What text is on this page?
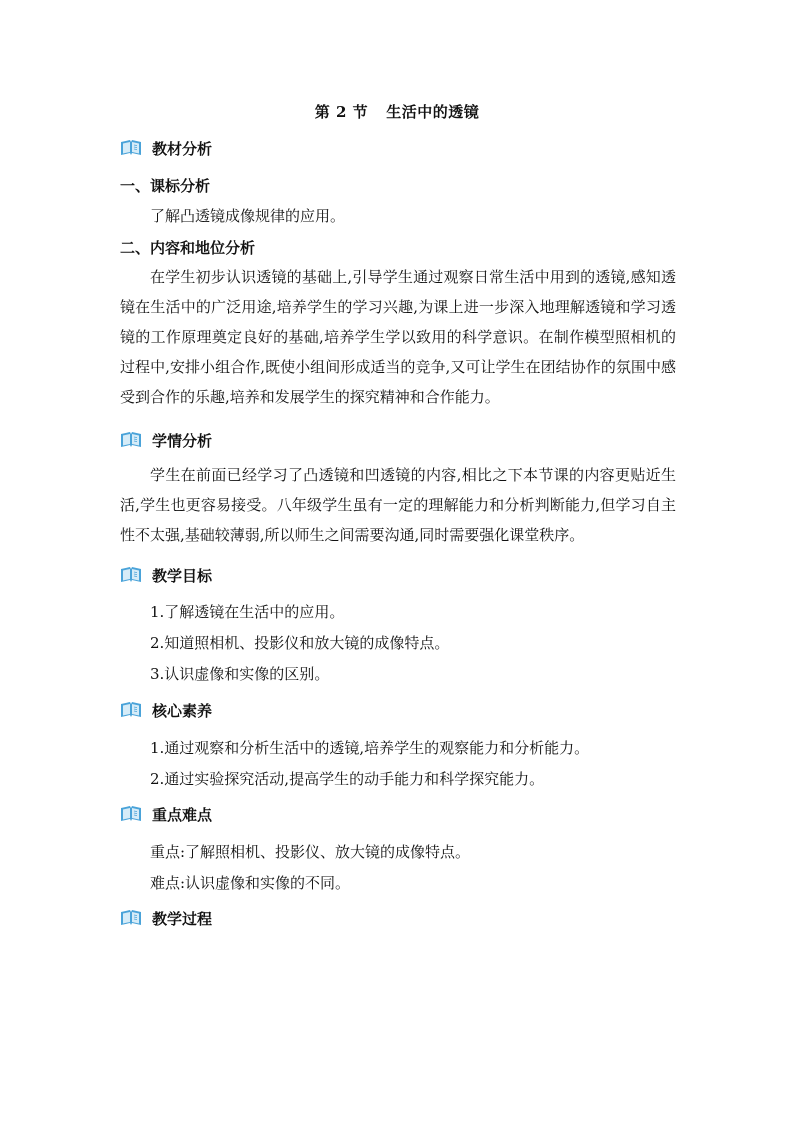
第 2 节 生活中的透镜
教材分析
一、课标分析
了解凸透镜成像规律的应用。
二、内容和地位分析
在学生初步认识透镜的基础上,引导学生通过观察日常生活中用到的透镜,感知透镜在生活中的广泛用途,培养学生的学习兴趣,为课上进一步深入地理解透镜和学习透镜的工作原理奠定良好的基础,培养学生学以致用的科学意识。在制作模型照相机的过程中,安排小组合作,既使小组间形成适当的竞争,又可让学生在团结协作的氛围中感受到合作的乐趣,培养和发展学生的探究精神和合作能力。
学情分析
学生在前面已经学习了凸透镜和凹透镜的内容,相比之下本节课的内容更贴近生活,学生也更容易接受。八年级学生虽有一定的理解能力和分析判断能力,但学习自主性不太强,基础较薄弱,所以师生之间需要沟通,同时需要强化课堂秩序。
教学目标
1.了解透镜在生活中的应用。
2.知道照相机、投影仪和放大镜的成像特点。
3.认识虚像和实像的区别。
核心素养
1.通过观察和分析生活中的透镜,培养学生的观察能力和分析能力。
2.通过实验探究活动,提高学生的动手能力和科学探究能力。
重点难点
重点:了解照相机、投影仪、放大镜的成像特点。
难点:认识虚像和实像的不同。
教学过程
